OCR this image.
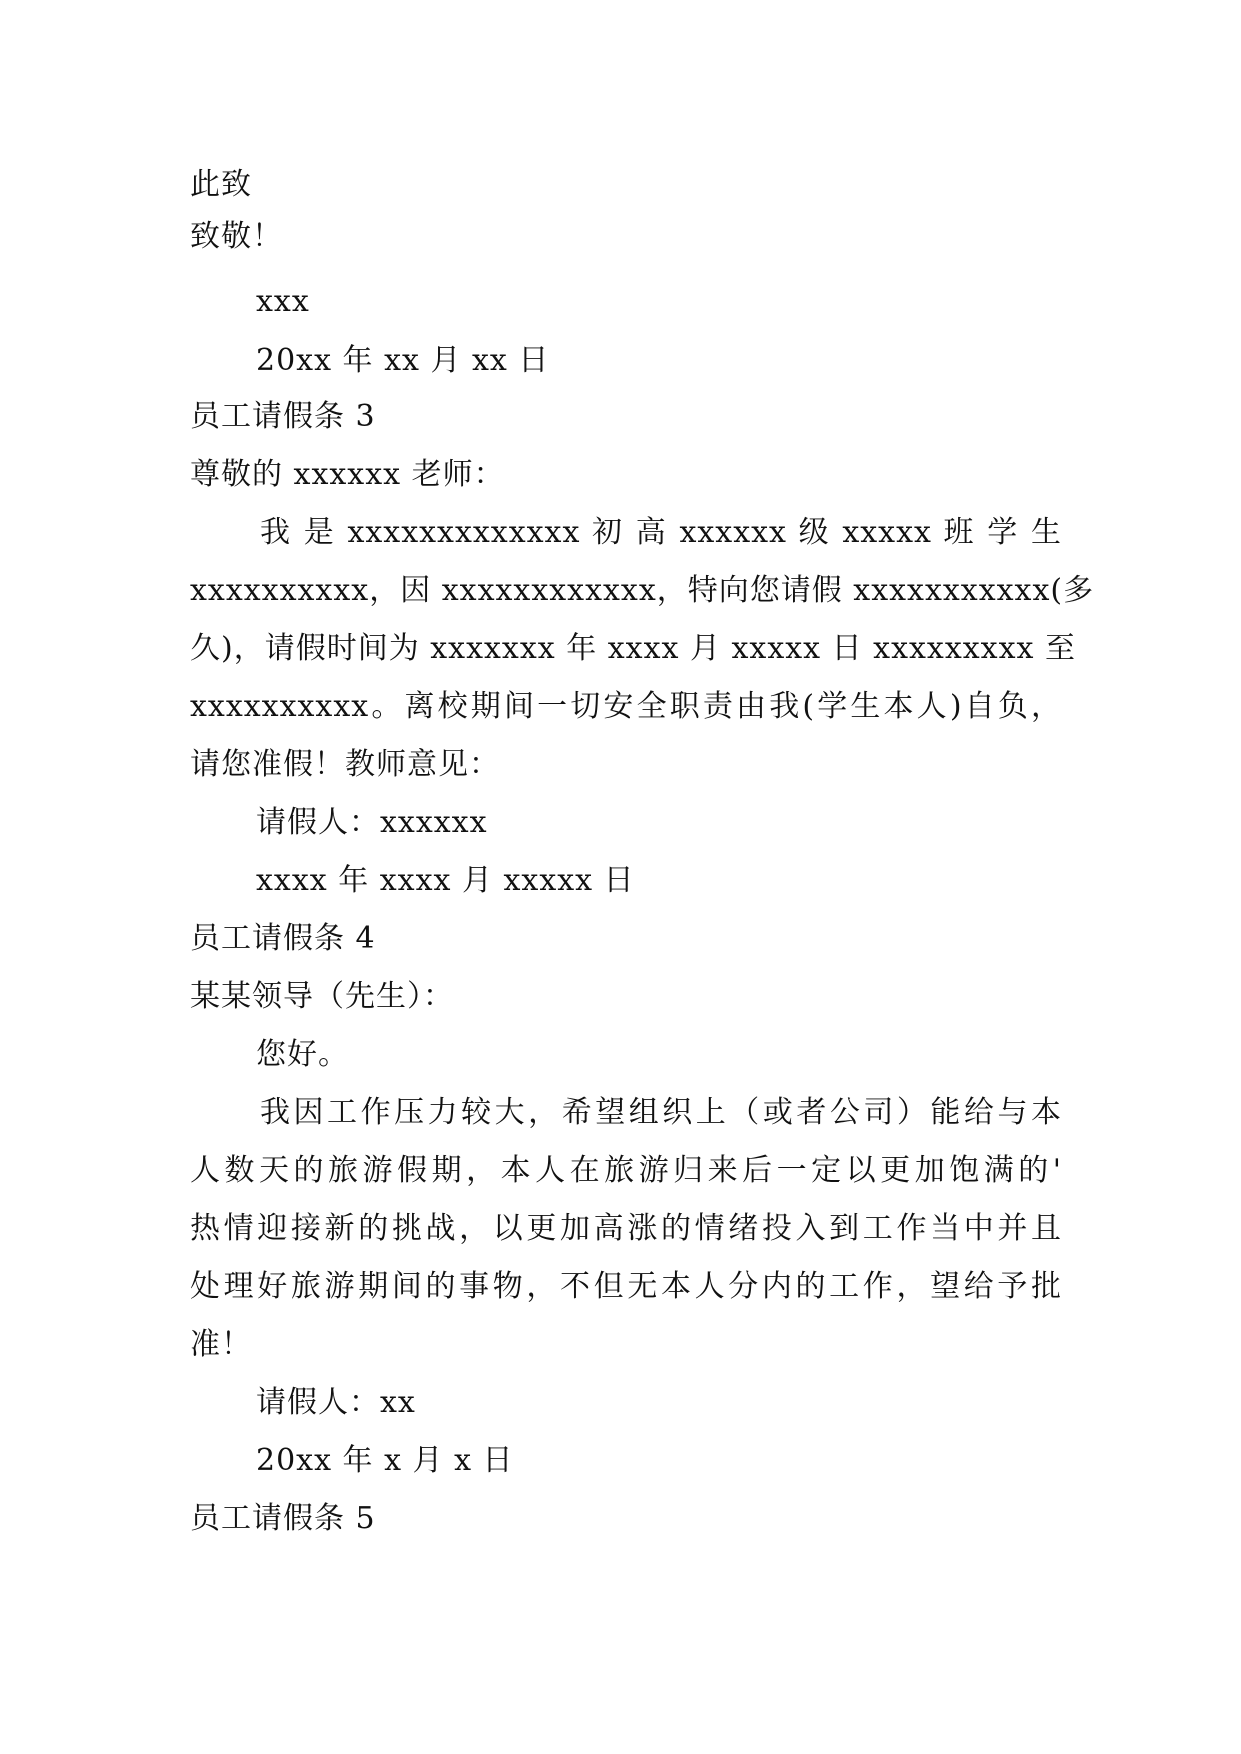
此致
致敬！
xxx
20xx 年 xx 月 xx 日
员工请假条 3
尊敬的 xxxxxx 老师：
我 是 xxxxxxxxxxxxx 初 高 xxxxxx 级 xxxxx 班 学 生
xxxxxxxxxx，因 xxxxxxxxxxxx，特向您请假 xxxxxxxxxxx(多
久)，请假时间为 xxxxxxx 年 xxxx 月 xxxxx 日 xxxxxxxxx 至
xxxxxxxxxx。离校期间一切安全职责由我(学生本人)自负，
请您准假！教师意见：
请假人：xxxxxx
xxxx 年 xxxx 月 xxxxx 日
员工请假条 4
某某领导（先生）：
您好。
我因工作压力较大，希望组织上（或者公司）能给与本
人数天的旅游假期，本人在旅游归来后一定以更加饱满的'
热情迎接新的挑战，以更加高涨的情绪投入到工作当中并且
处理好旅游期间的事物，不但无本人分内的工作，望给予批
准！
请假人：xx
20xx 年 x 月 x 日
员工请假条 5
